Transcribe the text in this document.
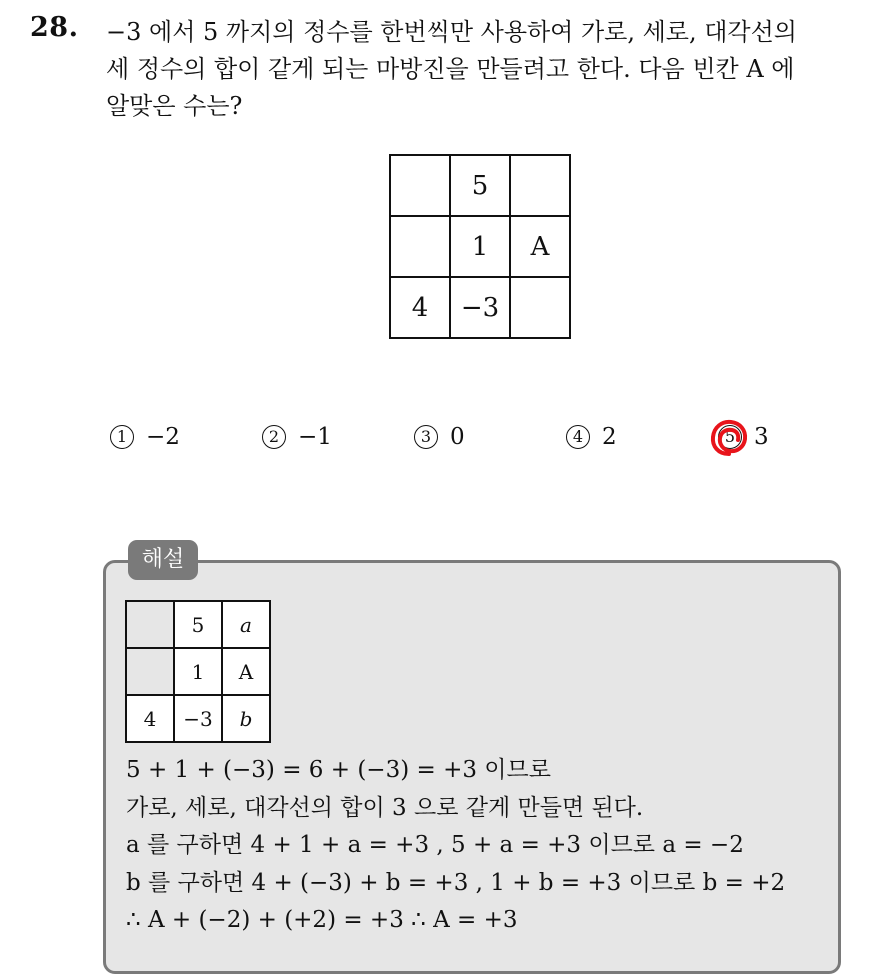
28. −3 에서 5 까지의 정수를 한번씩만 사용하여 가로, 세로, 대각선의
세 정수의 합이 같게 되는 마방진을 만들려고 한다. 다음 빈칸 A 에
알맞은 수는?
	5	
	1	A
4	−3	
1 −2	2 −1	3 0	4 2	5 3
해설
	5	a
	1	A
4	−3	b
5 + 1 + (−3) = 6 + (−3) = +3 이므로
가로, 세로, 대각선의 합이 3 으로 같게 만들면 된다.
a 를 구하면 4 + 1 + a = +3 , 5 + a = +3 이므로 a = −2
b 를 구하면 4 + (−3) + b = +3 , 1 + b = +3 이므로 b = +2
∴ A + (−2) + (+2) = +3 ∴ A = +3
